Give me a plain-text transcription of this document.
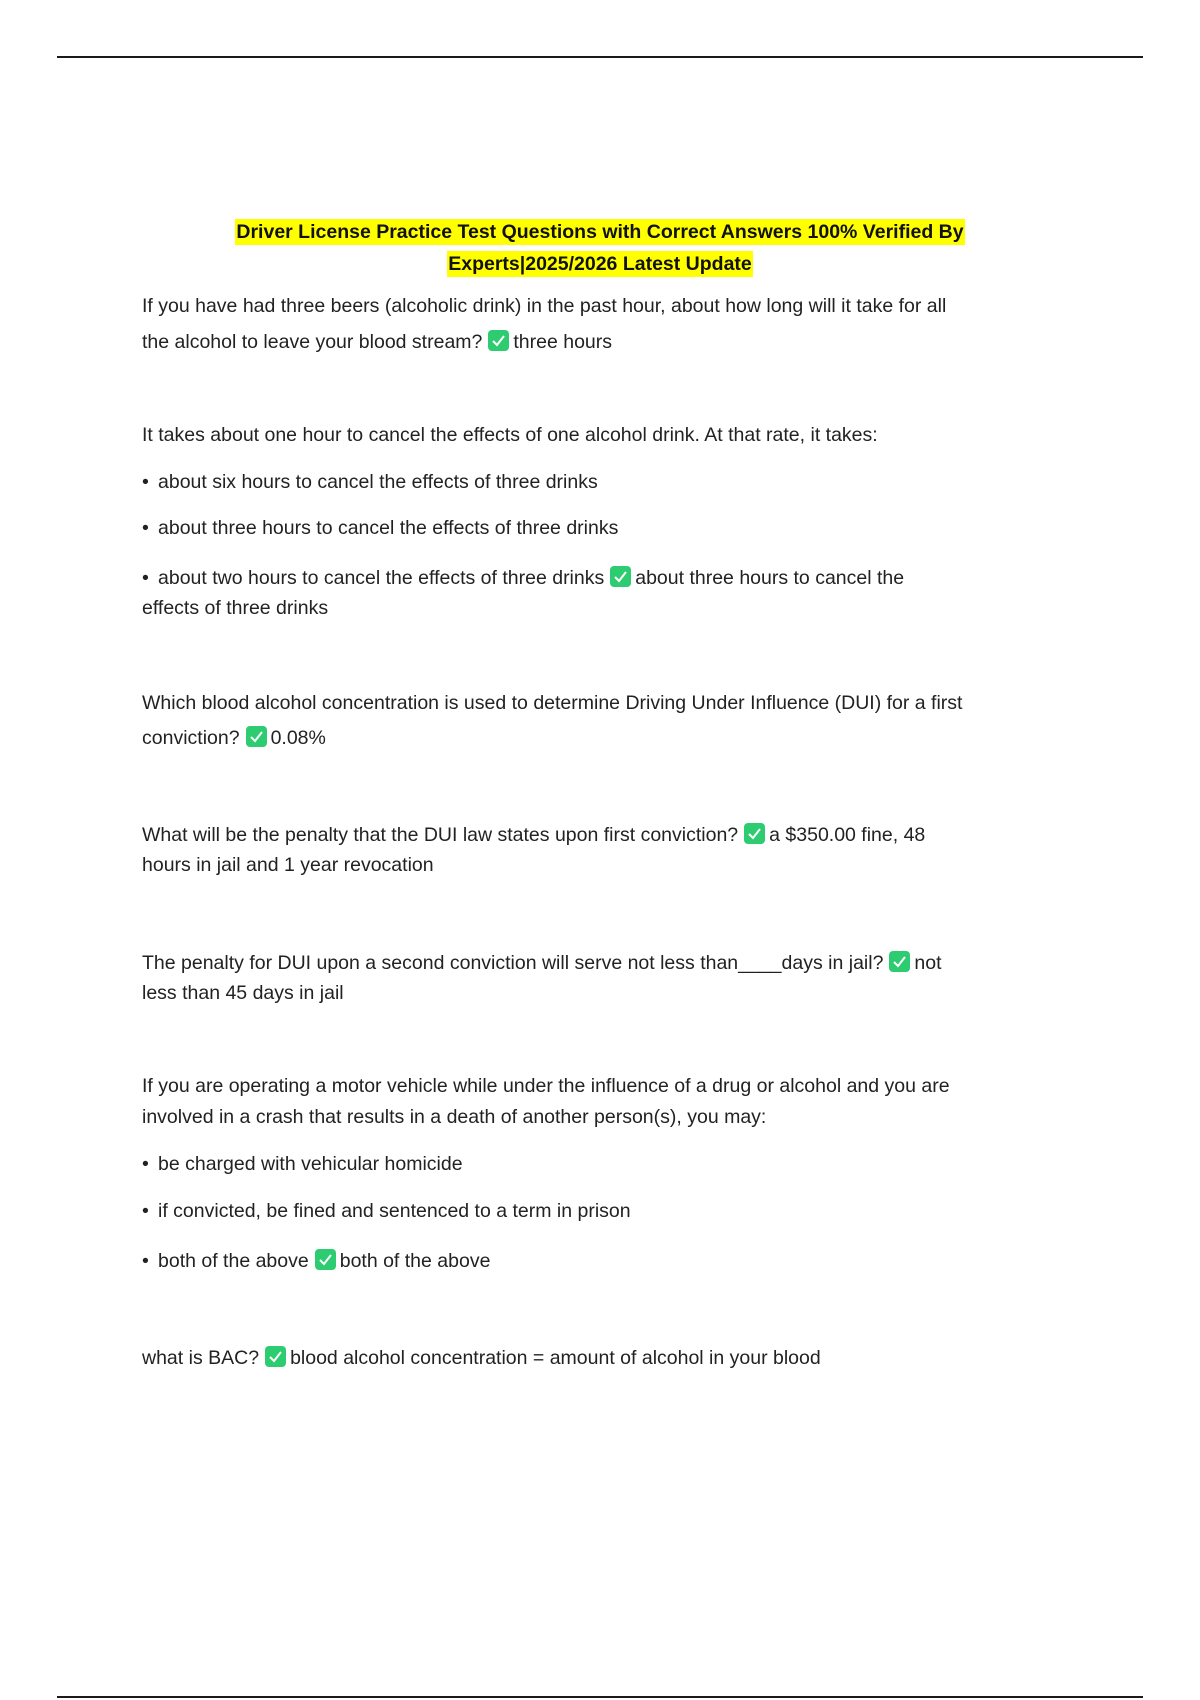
Driver License Practice Test Questions with Correct Answers 100% Verified By
Experts|2025/2026 Latest Update
If you have had three beers (alcoholic drink) in the past hour, about how long will it take for all
the alcohol to leave your blood stream? three hours
It takes about one hour to cancel the effects of one alcohol drink. At that rate, it takes:
• about six hours to cancel the effects of three drinks
• about three hours to cancel the effects of three drinks
• about two hours to cancel the effects of three drinks about three hours to cancel the
effects of three drinks
Which blood alcohol concentration is used to determine Driving Under Influence (DUI) for a first
conviction? 0.08%
What will be the penalty that the DUI law states upon first conviction? a $350.00 fine, 48
hours in jail and 1 year revocation
The penalty for DUI upon a second conviction will serve not less than____days in jail? not
less than 45 days in jail
If you are operating a motor vehicle while under the influence of a drug or alcohol and you are
involved in a crash that results in a death of another person(s), you may:
• be charged with vehicular homicide
• if convicted, be fined and sentenced to a term in prison
• both of the above both of the above
what is BAC? blood alcohol concentration = amount of alcohol in your blood
